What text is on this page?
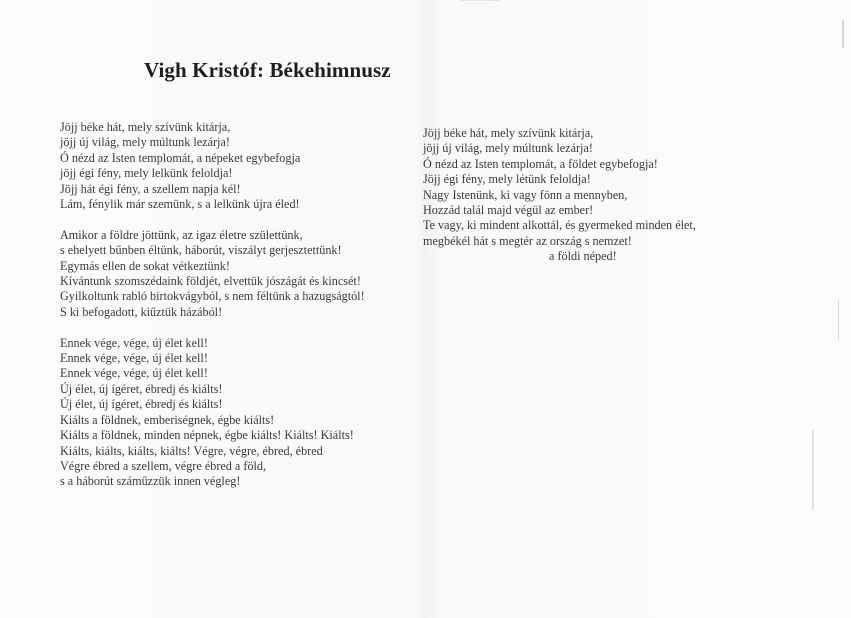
Vigh Kristóf: Békehimnusz
Jöjj béke hát, mely szívünk kitárja,
jöjj új világ, mely múltunk lezárja!
Ó nézd az Isten templomát, a népeket egybefogja
jöjj égi fény, mely lelkünk feloldja!
Jöjj hát égi fény, a szellem napja kél!
Lám, fénylik már szemünk, s a lelkünk újra éled!
Amikor a földre jöttünk, az igaz életre születtünk,
s ehelyett bűnben éltünk, háborút, viszályt gerjesztettünk!
Egymás ellen de sokat vétkeztünk!
Kívántunk szomszédaink földjét, elvettük jószágát és kincsét!
Gyilkoltunk rabló birtokvágyból, s nem féltünk a hazugságtól!
S ki befogadott, kiűztük házából!
Ennek vége, vége, új élet kell!
Ennek vége, vége, új élet kell!
Ennek vége, vége, új élet kell!
Új élet, új ígéret, ébredj és kiálts!
Új élet, új ígéret, ébredj és kiálts!
Kiálts a földnek, emberiségnek, égbe kiálts!
Kiálts a földnek, minden népnek, égbe kiálts! Kiálts! Kiálts!
Kiálts, kiálts, kiálts, kiálts! Végre, végre, ébred, ébred
Végre ébred a szellem, végre ébred a föld,
s a háborút száműzzük innen végleg!
Jöjj béke hát, mely szívünk kitárja,
jöjj új világ, mely múltunk lezárja!
Ó nézd az Isten templomát, a földet egybefogja!
Jöjj égi fény, mely létünk feloldja!
Nagy Istenünk, ki vagy fönn a mennyben,
Hozzád talál majd végül az ember!
Te vagy, ki mindent alkottál, és gyermeked minden élet,
megbékél hát s megtér az ország s nemzet!
a földi néped!
